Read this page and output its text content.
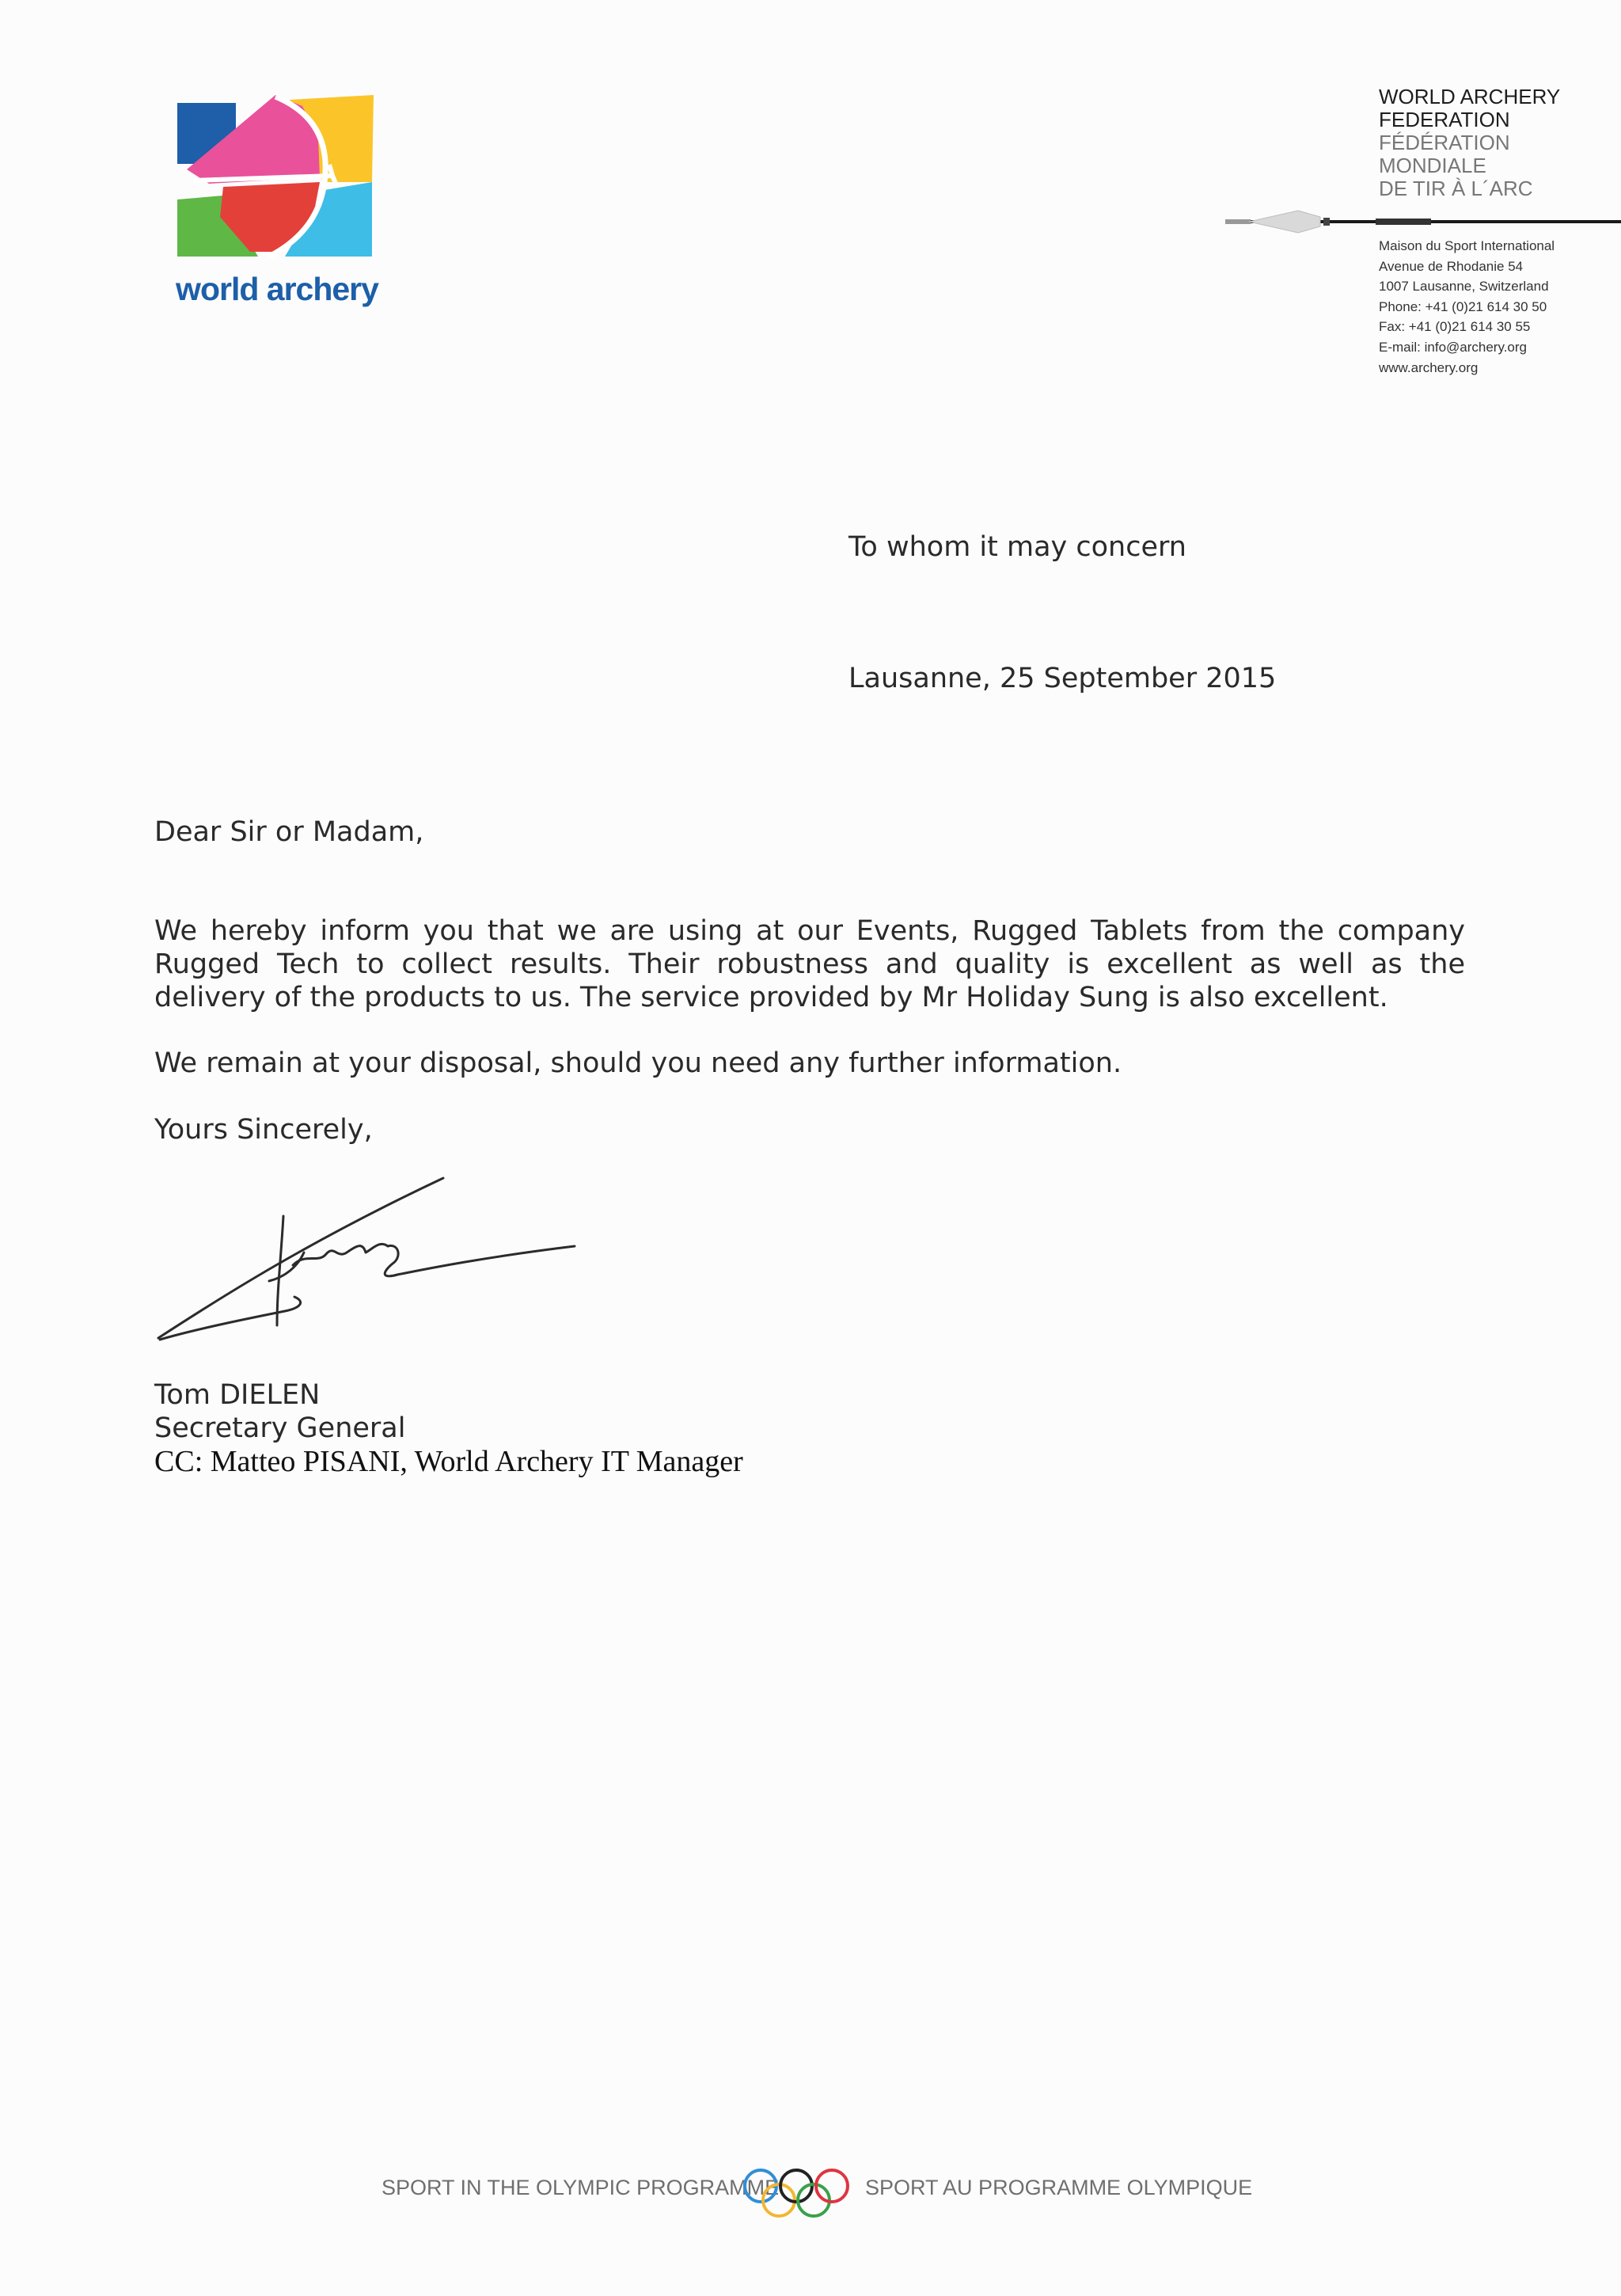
world archery
WORLD ARCHERY
FEDERATION
FÉDÉRATION
MONDIALE
DE TIR À L´ARC
Maison du Sport International
Avenue de Rhodanie 54
1007 Lausanne, Switzerland
Phone: +41 (0)21 614 30 50
Fax: +41 (0)21 614 30 55
E-mail: info@archery.org
www.archery.org
To whom it may concern
Lausanne, 25 September 2015
Dear Sir or Madam,
We hereby inform you that we are using at our Events, Rugged Tablets from the company Rugged Tech to collect results. Their robustness and quality is excellent as well as the delivery of the products to us. The service provided by Mr Holiday Sung is also excellent.
We remain at your disposal, should you need any further information.
Yours Sincerely,
Tom DIELEN
Secretary General
CC: Matteo PISANI, World Archery IT Manager
SPORT IN THE OLYMPIC PROGRAMME	SPORT AU PROGRAMME OLYMPIQUE
